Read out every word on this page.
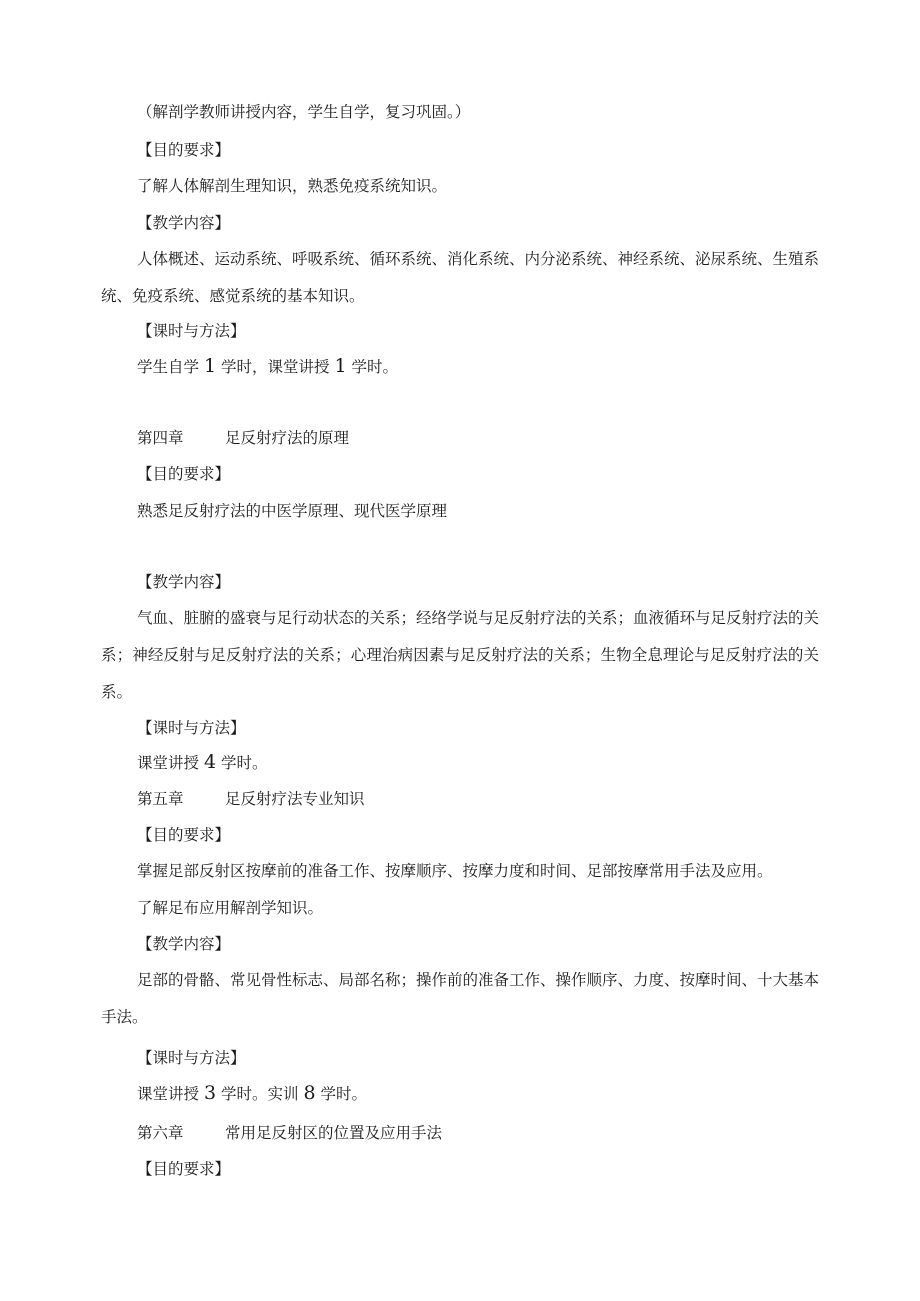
（解剖学教师讲授内容，学生自学，复习巩固。）
【目的要求】
了解人体解剖生理知识，熟悉免疫系统知识。
【教学内容】
人体概述、运动系统、呼吸系统、循环系统、消化系统、内分泌系统、神经系统、泌尿系统、生殖系统、免疫系统、感觉系统的基本知识。
【课时与方法】
学生自学 1 学时，课堂讲授 1 学时。
第四章	足反射疗法的原理
【目的要求】
熟悉足反射疗法的中医学原理、现代医学原理
【教学内容】
气血、脏腑的盛衰与足行动状态的关系；经络学说与足反射疗法的关系；血液循环与足反射疗法的关系；神经反射与足反射疗法的关系；心理治病因素与足反射疗法的关系；生物全息理论与足反射疗法的关系。
【课时与方法】
课堂讲授 4 学时。
第五章	足反射疗法专业知识
【目的要求】
掌握足部反射区按摩前的准备工作、按摩顺序、按摩力度和时间、足部按摩常用手法及应用。
了解足布应用解剖学知识。
【教学内容】
足部的骨骼、常见骨性标志、局部名称；操作前的准备工作、操作顺序、力度、按摩时间、十大基本手法。
【课时与方法】
课堂讲授 3 学时。实训 8 学时。
第六章	常用足反射区的位置及应用手法
【目的要求】
